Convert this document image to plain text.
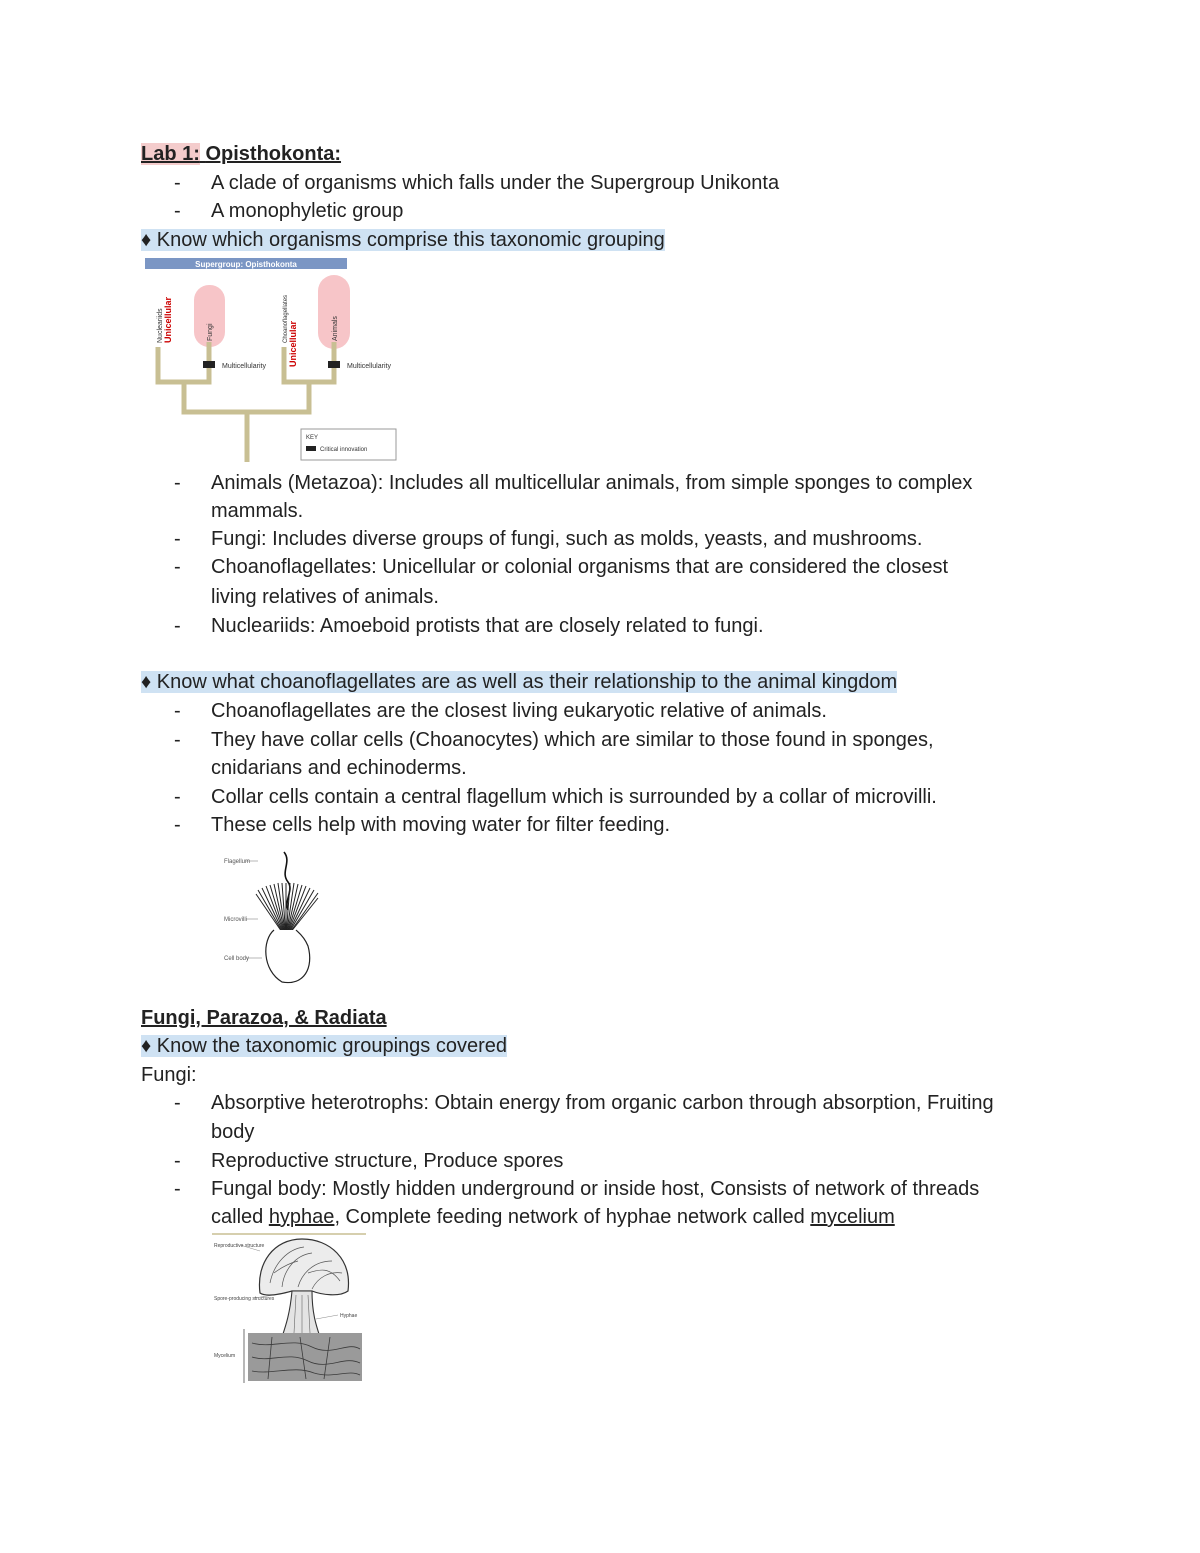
Lab 1: Opisthokonta:
- A clade of organisms which falls under the Supergroup Unikonta
- A monophyletic group
♦ Know which organisms comprise this taxonomic grouping
Supergroup: Opisthokonta
Nucleariids Unicellular	Fungi	Choanoflagellates
Unicellular	Animals
Multicellularity	Multicellularity
KEY
Critical innovation
- Animals (Metazoa): Includes all multicellular animals, from simple sponges to complex
mammals.
- Fungi: Includes diverse groups of fungi, such as molds, yeasts, and mushrooms.
- Choanoflagellates: Unicellular or colonial organisms that are considered the closest
living relatives of animals.
- Nucleariids: Amoeboid protists that are closely related to fungi.
♦ Know what choanoflagellates are as well as their relationship to the animal kingdom
- Choanoflagellates are the closest living eukaryotic relative of animals.
- They have collar cells (Choanocytes) which are similar to those found in sponges,
cnidarians and echinoderms.
- Collar cells contain a central flagellum which is surrounded by a collar of microvilli.
- These cells help with moving water for filter feeding.
Flagellum
Microvilli
Cell body
Fungi, Parazoa, & Radiata
♦ Know the taxonomic groupings covered
Fungi:
- Absorptive heterotrophs: Obtain energy from organic carbon through absorption, Fruiting
body
- Reproductive structure, Produce spores
- Fungal body: Mostly hidden underground or inside host, Consists of network of threads
called hyphae, Complete feeding network of hyphae network called mycelium
Reproductive structure
Spore-producing structures
Hyphae
Mycelium
